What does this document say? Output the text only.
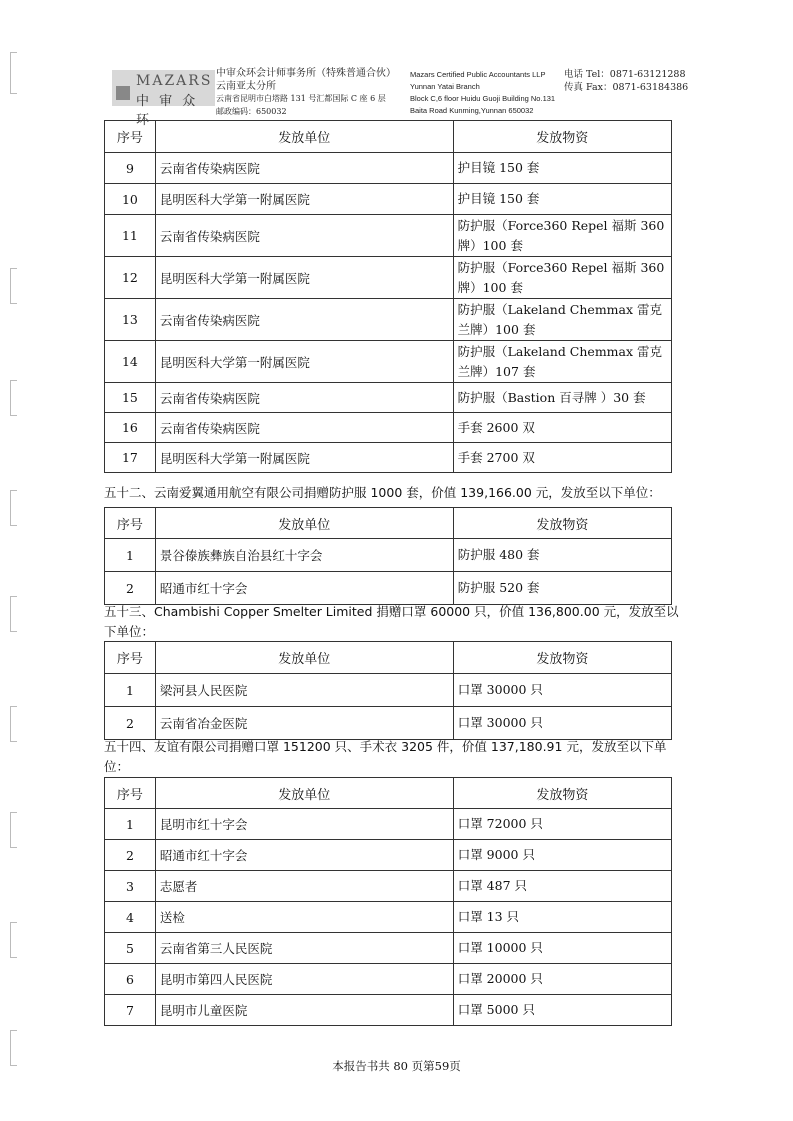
MAZARS
中 审 众 环
中审众环会计师事务所（特殊普通合伙）
云南亚太分所
云南省昆明市白塔路 131 号汇都国际 C 座 6 层
邮政编码：650032
Mazars Certified Public Accountants LLP
Yunnan Yatai Branch
Block C,6 floor Huidu Guoji Building No.131
Baita Road Kunming,Yunnan 650032
电话 Tel：0871-63121288
传真 Fax：0871-63184386
序号	发放单位	发放物资
9	云南省传染病医院	护目镜 150 套
10	昆明医科大学第一附属医院	护目镜 150 套
11	云南省传染病医院	防护服（Force360 Repel 福斯 360 牌）100 套
12	昆明医科大学第一附属医院	防护服（Force360 Repel 福斯 360 牌）100 套
13	云南省传染病医院	防护服（Lakeland Chemmax 雷克兰牌）100 套
14	昆明医科大学第一附属医院	防护服（Lakeland Chemmax 雷克兰牌）107 套
15	云南省传染病医院	防护服（Bastion 百寻牌 ）30 套
16	云南省传染病医院	手套 2600 双
17	昆明医科大学第一附属医院	手套 2700 双
五十二、云南爱翼通用航空有限公司捐赠防护服 1000 套，价值 139,166.00 元，发放至以下单位：
序号	发放单位	发放物资
1	景谷傣族彝族自治县红十字会	防护服 480 套
2	昭通市红十字会	防护服 520 套
五十三、Chambishi Copper Smelter Limited 捐赠口罩 60000 只，价值 136,800.00 元，发放至以下单位：
序号	发放单位	发放物资
1	梁河县人民医院	口罩 30000 只
2	云南省冶金医院	口罩 30000 只
五十四、友谊有限公司捐赠口罩 151200 只、手术衣 3205 件，价值 137,180.91 元，发放至以下单位：
序号	发放单位	发放物资
1	昆明市红十字会	口罩 72000 只
2	昭通市红十字会	口罩 9000 只
3	志愿者	口罩 487 只
4	送检	口罩 13 只
5	云南省第三人民医院	口罩 10000 只
6	昆明市第四人民医院	口罩 20000 只
7	昆明市儿童医院	口罩 5000 只
本报告书共 80 页第59页
